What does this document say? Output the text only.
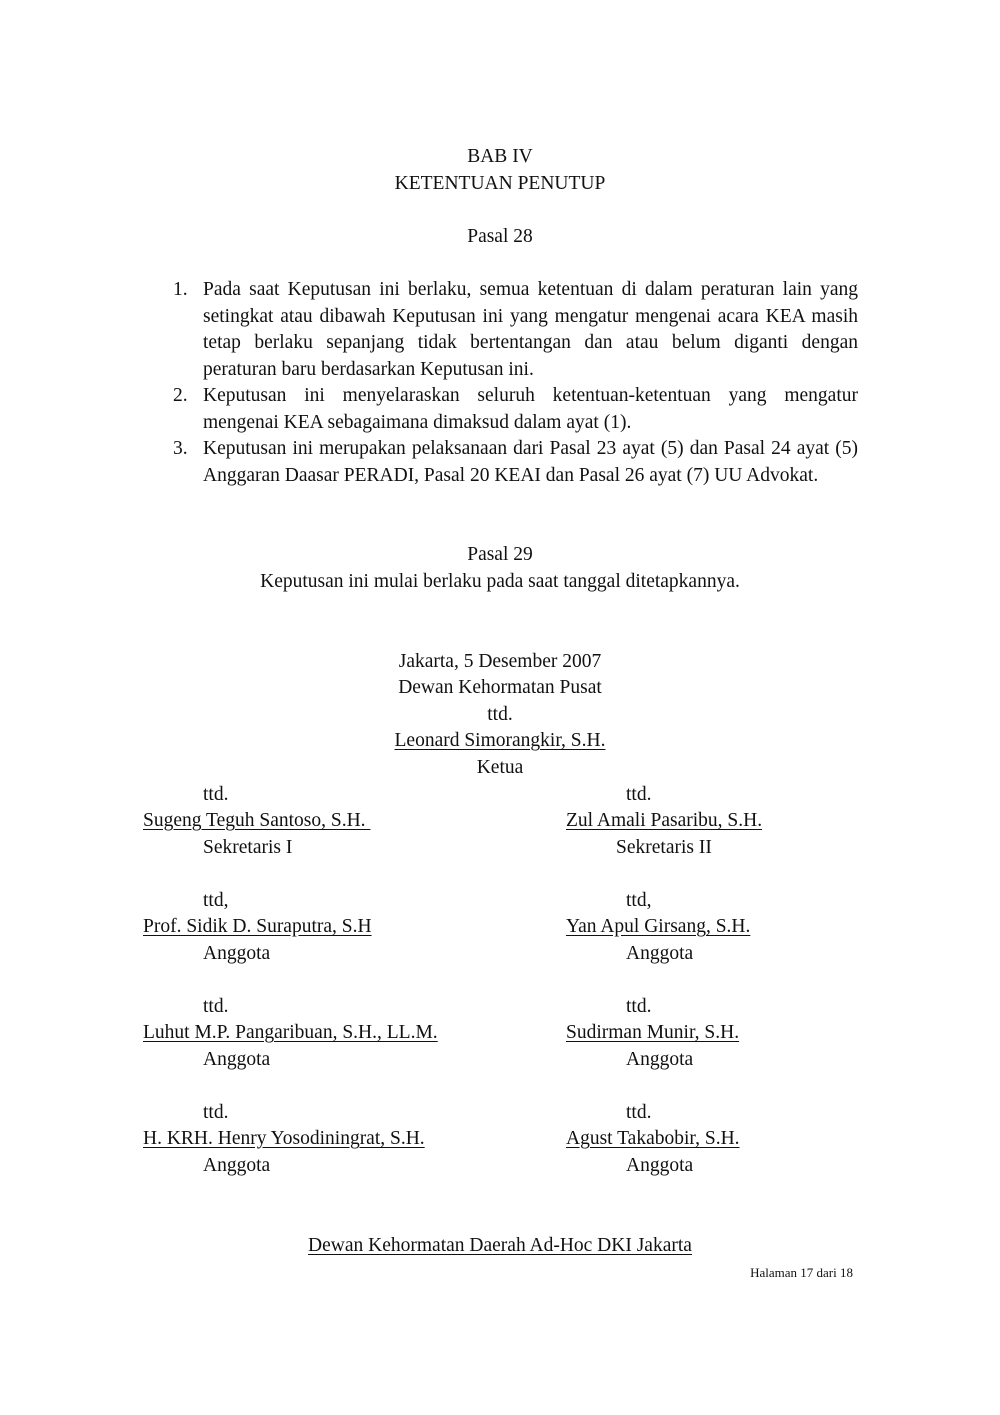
BAB IV
KETENTUAN PENUTUP
Pasal 28
1. Pada saat Keputusan ini berlaku, semua ketentuan di dalam peraturan lain yang setingkat atau dibawah Keputusan ini yang mengatur mengenai acara KEA masih tetap berlaku sepanjang tidak bertentangan dan atau belum diganti dengan peraturan baru berdasarkan Keputusan ini.
2. Keputusan ini menyelaraskan seluruh ketentuan-ketentuan yang mengatur mengenai KEA sebagaimana dimaksud dalam ayat (1).
3. Keputusan ini merupakan pelaksanaan dari Pasal 23 ayat (5) dan Pasal 24 ayat (5) Anggaran Daasar PERADI, Pasal 20 KEAI dan Pasal 26 ayat (7) UU Advokat.
Pasal 29
Keputusan ini mulai berlaku pada saat tanggal ditetapkannya.
Jakarta, 5 Desember 2007
Dewan Kehormatan Pusat
ttd.
Leonard Simorangkir, S.H.
Ketua
ttd.
Sugeng Teguh Santoso, S.H.
Sekretaris I
ttd.
Zul Amali Pasaribu, S.H.
Sekretaris II
ttd,
Prof. Sidik D. Suraputra, S.H
Anggota
ttd,
Yan Apul Girsang, S.H.
Anggota
ttd.
Luhut M.P. Pangaribuan, S.H., LL.M.
Anggota
ttd.
Sudirman Munir, S.H.
Anggota
ttd.
H. KRH. Henry Yosodiningrat, S.H.
Anggota
ttd.
Agust Takabobir, S.H.
Anggota
Dewan Kehormatan Daerah Ad-Hoc DKI Jakarta
Halaman 17 dari 18
